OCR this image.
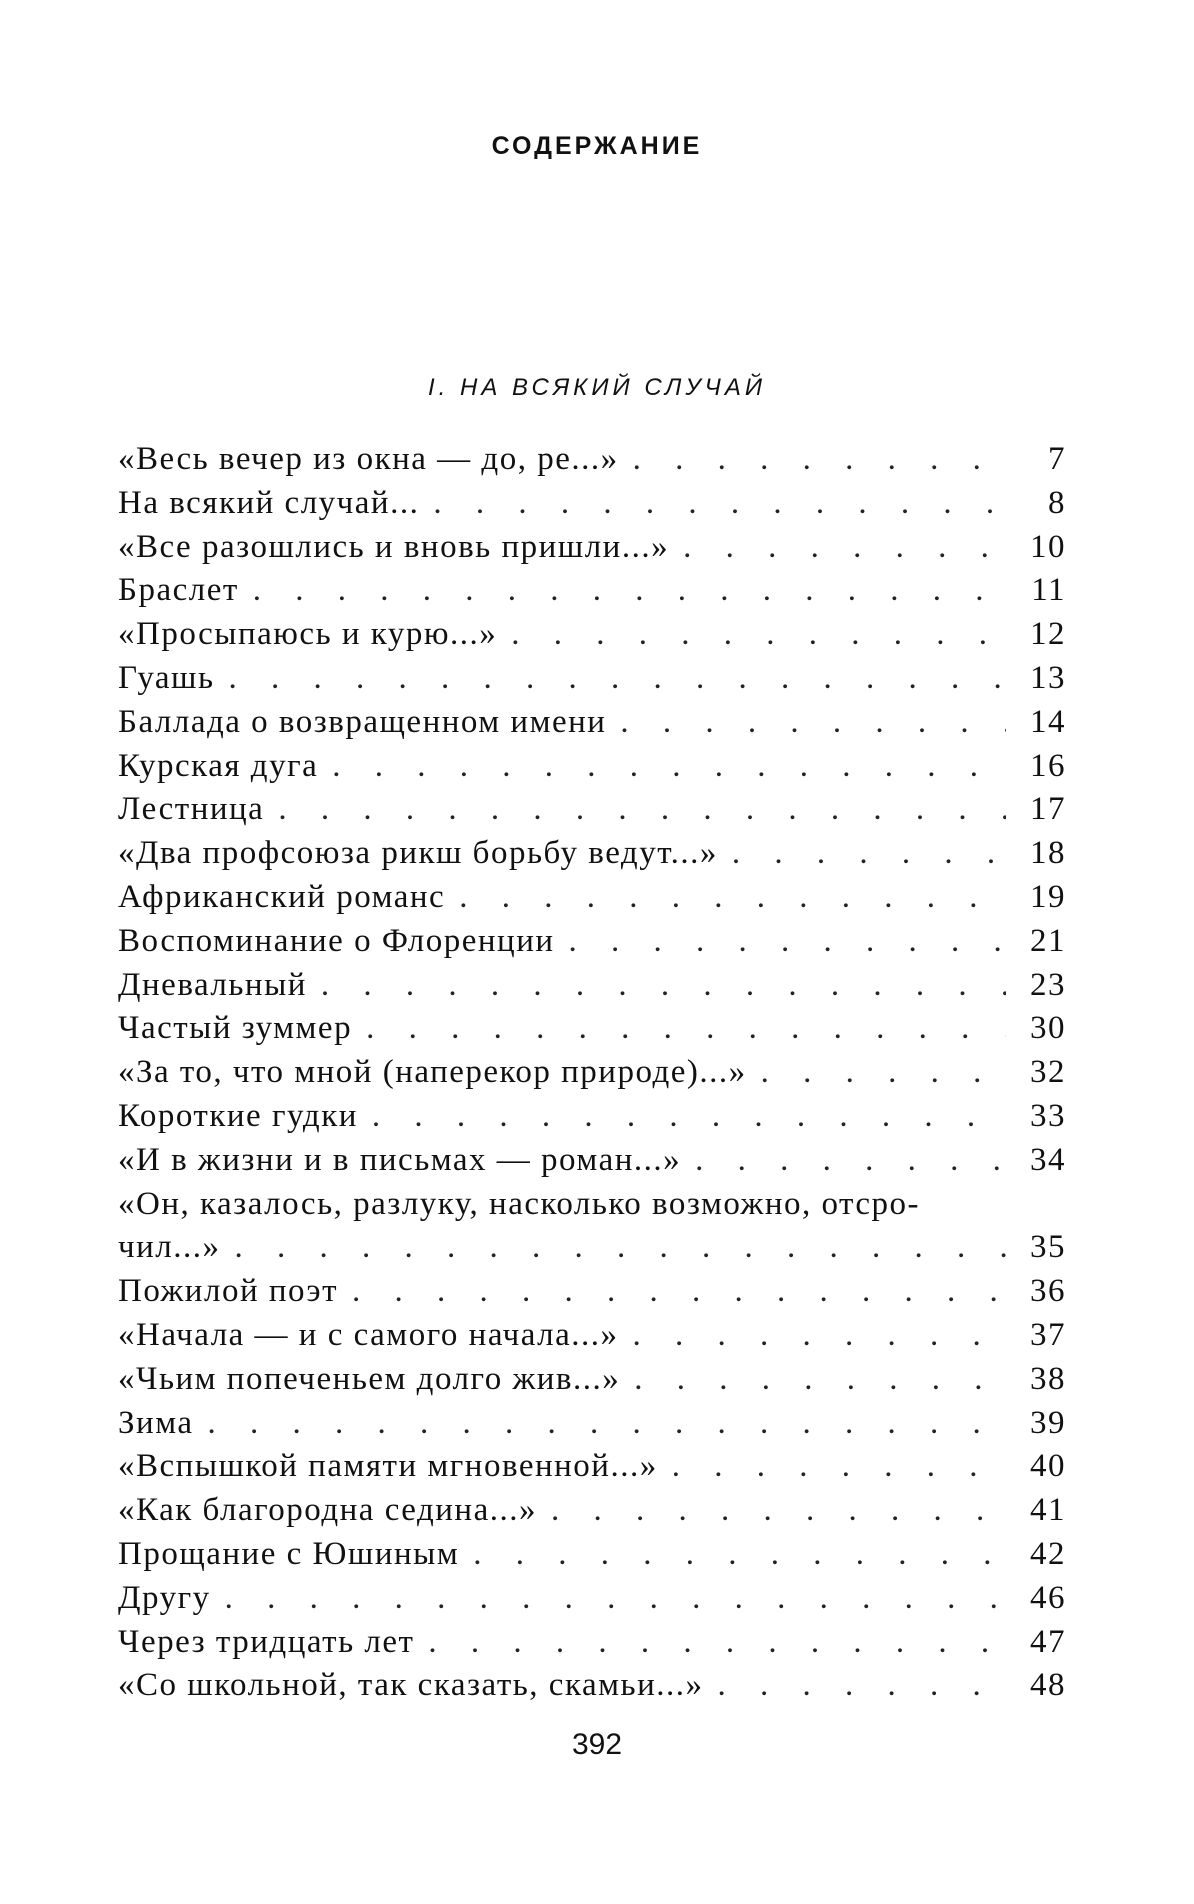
СОДЕРЖАНИЕ
I. НА ВСЯКИЙ СЛУЧАЙ
«Весь вечер из окна — до, ре...» . . .	7
На всякий случай... . . .	8
«Все разошлись и вновь пришли...» . . .	10
Браслет . . .	11
«Просыпаюсь и курю...» . . .	12
Гуашь . . .	13
Баллада о возвращенном имени . . .	14
Курская дуга . . .	16
Лестница . . .	17
«Два профсоюза рикш борьбу ведут...» . . .	18
Африканский романс . . .	19
Воспоминание о Флоренции . . .	21
Дневальный . . .	23
Частый зуммер . . .	30
«За то, что мной (наперекор природе)...» . . .	32
Короткие гудки . . .	33
«И в жизни и в письмах — роман...» . . .	34
«Он, казалось, разлуку, насколько возможно, отсро-
чил...» . . .	35
Пожилой поэт . . .	36
«Начала — и с самого начала...» . . .	37
«Чьим попеченьем долго жив...» . . .	38
Зима . . .	39
«Вспышкой памяти мгновенной...» . . .	40
«Как благородна седина...» . . .	41
Прощание с Юшиным . . .	42
Другу . . .	46
Через тридцать лет . . .	47
«Со школьной, так сказать, скамьи...» . . .	48
392
